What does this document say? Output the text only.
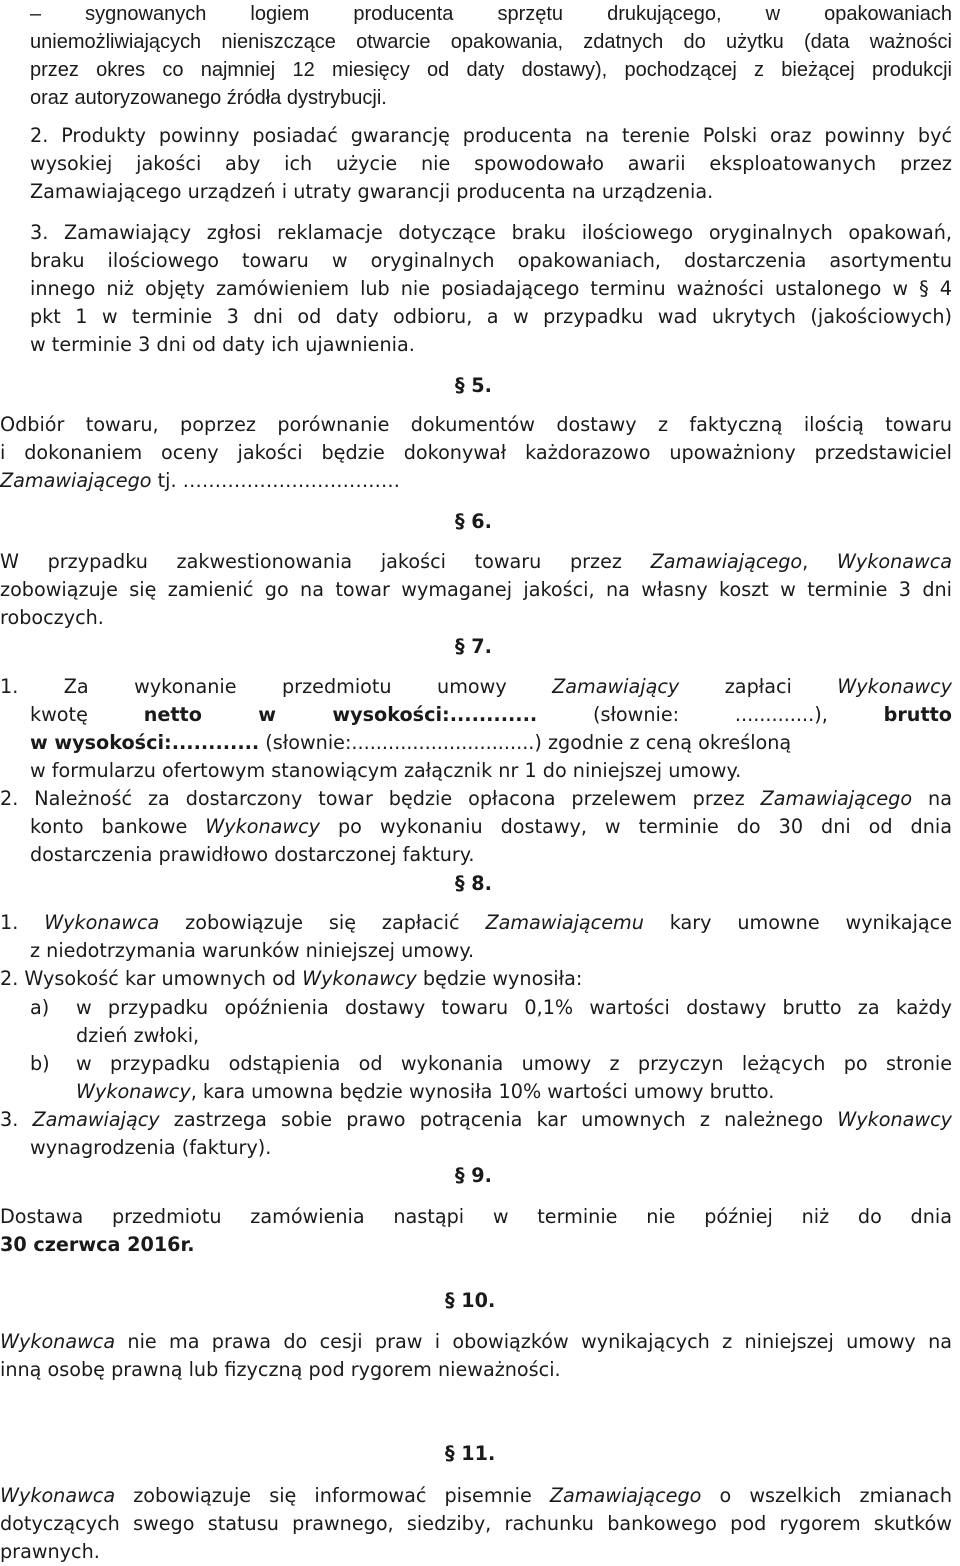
– sygnowanych logiem producenta sprzętu drukującego, w opakowaniach
uniemożliwiających nieniszczące otwarcie opakowania, zdatnych do użytku (data ważności
przez okres co najmniej 12 miesięcy od daty dostawy), pochodzącej z bieżącej produkcji
oraz autoryzowanego źródła dystrybucji.
2. Produkty powinny posiadać gwarancję producenta na terenie Polski oraz powinny być
wysokiej jakości aby ich użycie nie spowodowało awarii eksploatowanych przez
Zamawiającego urządzeń i utraty gwarancji producenta na urządzenia.
3. Zamawiający zgłosi reklamacje dotyczące braku ilościowego oryginalnych opakowań,
braku ilościowego towaru w oryginalnych opakowaniach, dostarczenia asortymentu
innego niż objęty zamówieniem lub nie posiadającego terminu ważności ustalonego w § 4
pkt 1 w terminie 3 dni od daty odbioru, a w przypadku wad ukrytych (jakościowych)
w terminie 3 dni od daty ich ujawnienia.
§ 5.
Odbiór towaru, poprzez porównanie dokumentów dostawy z faktyczną ilością towaru
i dokonaniem oceny jakości będzie dokonywał każdorazowo upoważniony przedstawiciel
Zamawiającego tj. …………………………….
§ 6.
W przypadku zakwestionowania jakości towaru przez Zamawiającego, Wykonawca
zobowiązuje się zamienić go na towar wymaganej jakości, na własny koszt w terminie 3 dni
roboczych.
§ 7.
1. Za wykonanie przedmiotu umowy Zamawiający zapłaci Wykonawcy
kwotę netto w wysokości:............ (słownie: .............), brutto
w wysokości:............ (słownie:..............................) zgodnie z ceną określoną
w formularzu ofertowym stanowiącym załącznik nr 1 do niniejszej umowy.
2. Należność za dostarczony towar będzie opłacona przelewem przez Zamawiającego na
konto bankowe Wykonawcy po wykonaniu dostawy, w terminie do 30 dni od dnia
dostarczenia prawidłowo dostarczonej faktury.
§ 8.
1. Wykonawca zobowiązuje się zapłacić Zamawiającemu kary umowne wynikające
z niedotrzymania warunków niniejszej umowy.
2. Wysokość kar umownych od Wykonawcy będzie wynosiła:
a) w przypadku opóźnienia dostawy towaru 0,1% wartości dostawy brutto za każdy
dzień zwłoki,
b) w przypadku odstąpienia od wykonania umowy z przyczyn leżących po stronie
Wykonawcy, kara umowna będzie wynosiła 10% wartości umowy brutto.
3. Zamawiający zastrzega sobie prawo potrącenia kar umownych z należnego Wykonawcy
wynagrodzenia (faktury).
§ 9.
Dostawa przedmiotu zamówienia nastąpi w terminie nie później niż do dnia
30 czerwca 2016r.
§ 10.
Wykonawca nie ma prawa do cesji praw i obowiązków wynikających z niniejszej umowy na
inną osobę prawną lub fizyczną pod rygorem nieważności.
§ 11.
Wykonawca zobowiązuje się informować pisemnie Zamawiającego o wszelkich zmianach
dotyczących swego statusu prawnego, siedziby, rachunku bankowego pod rygorem skutków
prawnych.
